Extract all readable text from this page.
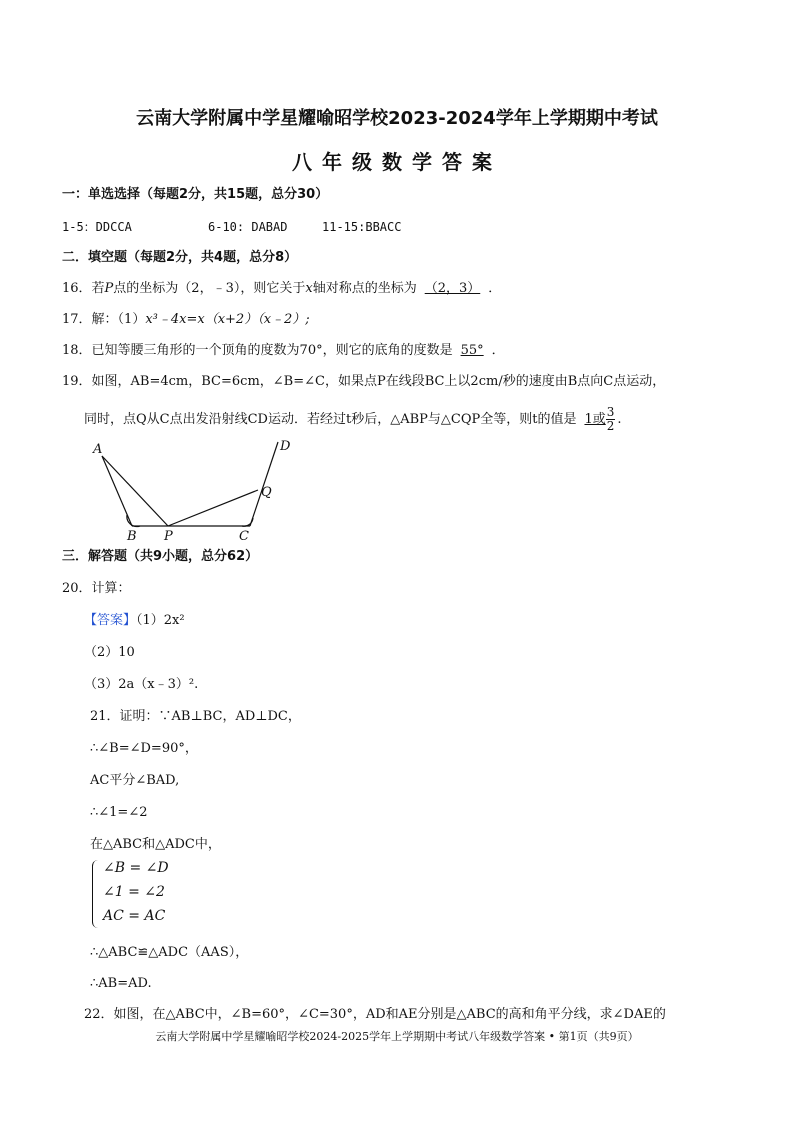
云南大学附属中学星耀喻昭学校2023-2024学年上学期期中考试
八年级数学答案
一：单选选择（每题2分，共15题，总分30）
1-5：DDCCA	6-10: DABAD	11-15:BBACC
二．填空题（每题2分，共4题，总分8）
16．若P点的坐标为（2，﹣3），则它关于x轴对称点的坐标为 （2，3） ．
17．解：（1）x³﹣4x=x（x+2）（x﹣2）;
18．已知等腰三角形的一个顶角的度数为70°，则它的底角的度数是 55° ．
19．如图，AB=4cm，BC=6cm，∠B=∠C，如果点P在线段BC上以2cm/秒的速度由B点向C点运动，
同时，点Q从C点出发沿射线CD运动．若经过t秒后，△ABP与△CQP全等，则t的值是 1或 $\frac{3}{2}$ .
A
B P	C
Q
D
三．解答题（共9小题，总分62）
20．计算：
【答案】（1）2x²
（2）10
（3）2a（x﹣3）².
21．证明：∵AB⊥BC，AD⊥DC，
∴∠B=∠D=90°，
AC平分∠BAD,
∴∠1=∠2
在△ABC和△ADC中，
∠B = ∠D
∠1 = ∠2
AC = AC
∴△ABC≌△ADC（AAS），
∴AB=AD.
22．如图，在△ABC中，∠B=60°，∠C=30°，AD和AE分别是△ABC的高和角平分线，求∠DAE的
云南大学附属中学星耀喻昭学校2024-2025学年上学期期中考试八年级数学答案 • 第1页（共9页）
